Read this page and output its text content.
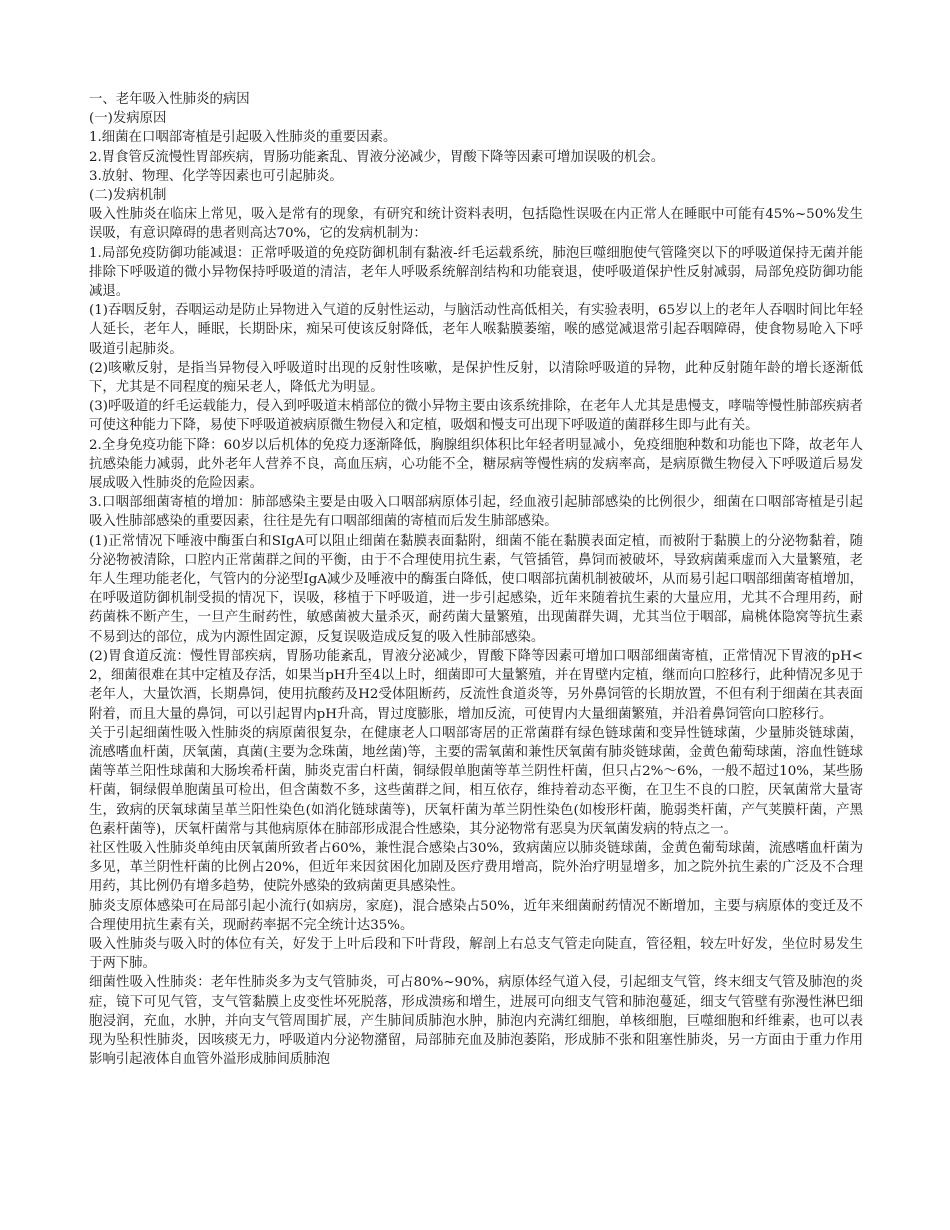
一、老年吸入性肺炎的病因

(一)发病原因

1.细菌在口咽部寄植是引起吸入性肺炎的重要因素。

2.胃食管反流慢性胃部疾病，胃肠功能紊乱、胃液分泌减少，胃酸下降等因素可增加误吸的机会。

3.放射、物理、化学等因素也可引起肺炎。

(二)发病机制

吸入性肺炎在临床上常见，吸入是常有的现象，有研究和统计资料表明，包括隐性误吸在内正常人在睡眠中可能有45%~50%发生误吸，有意识障碍的患者则高达70%，它的发病机制为：

1.局部免疫防御功能减退：正常呼吸道的免疫防御机制有黏液-纤毛运载系统，肺泡巨噬细胞使气管隆突以下的呼吸道保持无菌并能排除下呼吸道的微小异物保持呼吸道的清洁，老年人呼吸系统解剖结构和功能衰退，使呼吸道保护性反射减弱，局部免疫防御功能减退。

(1)吞咽反射，吞咽运动是防止异物进入气道的反射性运动，与脑活动性高低相关，有实验表明，65岁以上的老年人吞咽时间比年轻人延长，老年人，睡眠，长期卧床，痴呆可使该反射降低，老年人喉黏膜萎缩，喉的感觉减退常引起吞咽障碍，使食物易呛入下呼吸道引起肺炎。

(2)咳嗽反射，是指当异物侵入呼吸道时出现的反射性咳嗽，是保护性反射，以清除呼吸道的异物，此种反射随年龄的增长逐渐低下，尤其是不同程度的痴呆老人，降低尤为明显。

(3)呼吸道的纤毛运载能力，侵入到呼吸道末梢部位的微小异物主要由该系统排除，在老年人尤其是患慢支，哮喘等慢性肺部疾病者可使这种能力下降，易使下呼吸道被病原微生物侵入和定植，吸烟和慢支可出现下呼吸道的菌群移生即与此有关。

2.全身免疫功能下降：60岁以后机体的免疫力逐渐降低，胸腺组织体积比年轻者明显减小，免疫细胞种数和功能也下降，故老年人抗感染能力减弱，此外老年人营养不良，高血压病，心功能不全，糖尿病等慢性病的发病率高，是病原微生物侵入下呼吸道后易发展成吸入性肺炎的危险因素。

3.口咽部细菌寄植的增加：肺部感染主要是由吸入口咽部病原体引起，经血液引起肺部感染的比例很少，细菌在口咽部寄植是引起吸入性肺部感染的重要因素，往往是先有口咽部细菌的寄植而后发生肺部感染。

(1)正常情况下唾液中酶蛋白和SIgA可以阻止细菌在黏膜表面黏附，细菌不能在黏膜表面定植，而被附于黏膜上的分泌物黏着，随分泌物被清除，口腔内正常菌群之间的平衡，由于不合理使用抗生素，气管插管，鼻饲而被破坏，导致病菌乘虚而入大量繁殖，老年人生理功能老化，气管内的分泌型IgA减少及唾液中的酶蛋白降低，使口咽部抗菌机制被破坏，从而易引起口咽部细菌寄植增加，在呼吸道防御机制受损的情况下，误吸，移植于下呼吸道，进一步引起感染，近年来随着抗生素的大量应用，尤其不合理用药，耐药菌株不断产生，一旦产生耐药性，敏感菌被大量杀灭，耐药菌大量繁殖，出现菌群失调，尤其当位于咽部，扁桃体隐窝等抗生素不易到达的部位，成为内源性固定源，反复误吸造成反复的吸入性肺部感染。

(2)胃食道反流：慢性胃部疾病，胃肠功能紊乱，胃液分泌减少，胃酸下降等因素可增加口咽部细菌寄植，正常情况下胃液的pH<2，细菌很难在其中定植及存活，如果当pH升至4以上时，细菌即可大量繁殖，并在胃壁内定植，继而向口腔移行，此种情况多见于老年人，大量饮酒，长期鼻饲，使用抗酸药及H2受体阻断药，反流性食道炎等，另外鼻饲管的长期放置，不但有利于细菌在其表面附着，而且大量的鼻饲，可以引起胃内pH升高，胃过度膨胀，增加反流，可使胃内大量细菌繁殖，并沿着鼻饲管向口腔移行。

关于引起细菌性吸入性肺炎的病原菌很复杂，在健康老人口咽部寄居的正常菌群有绿色链球菌和变异性链球菌，少量肺炎链球菌，流感嗜血杆菌，厌氧菌，真菌(主要为念珠菌，地丝菌)等，主要的需氧菌和兼性厌氧菌有肺炎链球菌，金黄色葡萄球菌，溶血性链球菌等革兰阳性球菌和大肠埃希杆菌，肺炎克雷白杆菌，铜绿假单胞菌等革兰阴性杆菌，但只占2%～6%，一般不超过10%，某些肠杆菌，铜绿假单胞菌虽可检出，但含菌数不多，这些菌群之间，相互依存，维持着动态平衡，在卫生不良的口腔，厌氧菌常大量寄生，致病的厌氧球菌呈革兰阳性染色(如消化链球菌等)，厌氧杆菌为革兰阴性染色(如梭形杆菌，脆弱类杆菌，产气荚膜杆菌，产黑色素杆菌等)，厌氧杆菌常与其他病原体在肺部形成混合性感染，其分泌物常有恶臭为厌氧菌发病的特点之一。

社区性吸入性肺炎单纯由厌氧菌所致者占60%，兼性混合感染占30%，致病菌应以肺炎链球菌，金黄色葡萄球菌，流感嗜血杆菌为多见，革兰阴性杆菌的比例占20%，但近年来因贫困化加剧及医疗费用增高，院外治疗明显增多，加之院外抗生素的广泛及不合理用药，其比例仍有增多趋势，使院外感染的致病菌更具感染性。

肺炎支原体感染可在局部引起小流行(如病房，家庭)，混合感染占50%，近年来细菌耐药情况不断增加，主要与病原体的变迁及不合理使用抗生素有关，现耐药率据不完全统计达35%。

吸入性肺炎与吸入时的体位有关，好发于上叶后段和下叶背段，解剖上右总支气管走向陡直，管径粗，较左叶好发，坐位时易发生于两下肺。

细菌性吸入性肺炎：老年性肺炎多为支气管肺炎，可占80%~90%，病原体经气道入侵，引起细支气管，终末细支气管及肺泡的炎症，镜下可见气管，支气管黏膜上皮变性坏死脱落，形成溃疡和增生，进展可向细支气管和肺泡蔓延，细支气管壁有弥漫性淋巴细胞浸润，充血，水肿，并向支气管周围扩展，产生肺间质肺泡水肿，肺泡内充满红细胞，单核细胞，巨噬细胞和纤维素，也可以表现为坠积性肺炎，因咳痰无力，呼吸道内分泌物潴留，局部肺充血及肺泡萎陷，形成肺不张和阻塞性肺炎，另一方面由于重力作用影响引起液体自血管外溢形成肺间质肺泡
